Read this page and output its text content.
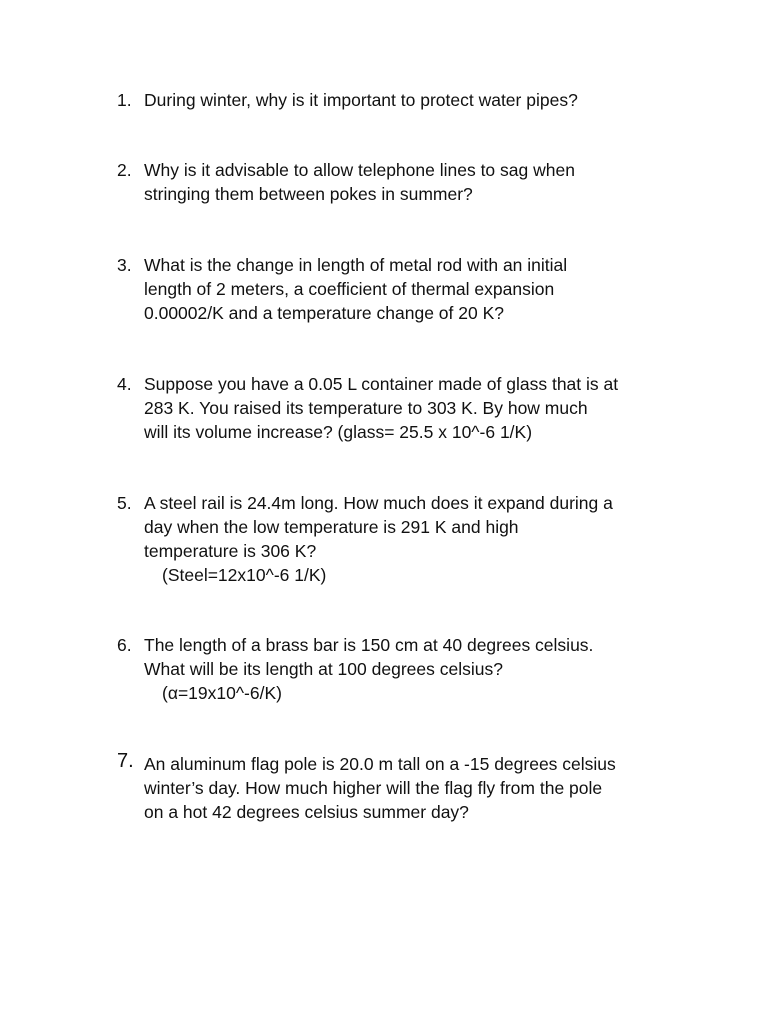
1. During winter, why is it important to protect water pipes?
2. Why is it advisable to allow telephone lines to sag when
stringing them between pokes in summer?
3. What is the change in length of metal rod with an initial
length of 2 meters, a coefficient of thermal expansion
0.00002/K and a temperature change of 20 K?
4. Suppose you have a 0.05 L container made of glass that is at
283 K. You raised its temperature to 303 K. By how much
will its volume increase? (glass= 25.5 x 10^-6 1/K)
5. A steel rail is 24.4m long. How much does it expand during a
day when the low temperature is 291 K and high
temperature is 306 K?
(Steel=12x10^-6 1/K)
6. The length of a brass bar is 150 cm at 40 degrees celsius.
What will be its length at 100 degrees celsius?
(α=19x10^-6/K)
7. An aluminum flag pole is 20.0 m tall on a -15 degrees celsius
winter’s day. How much higher will the flag fly from the pole
on a hot 42 degrees celsius summer day?
